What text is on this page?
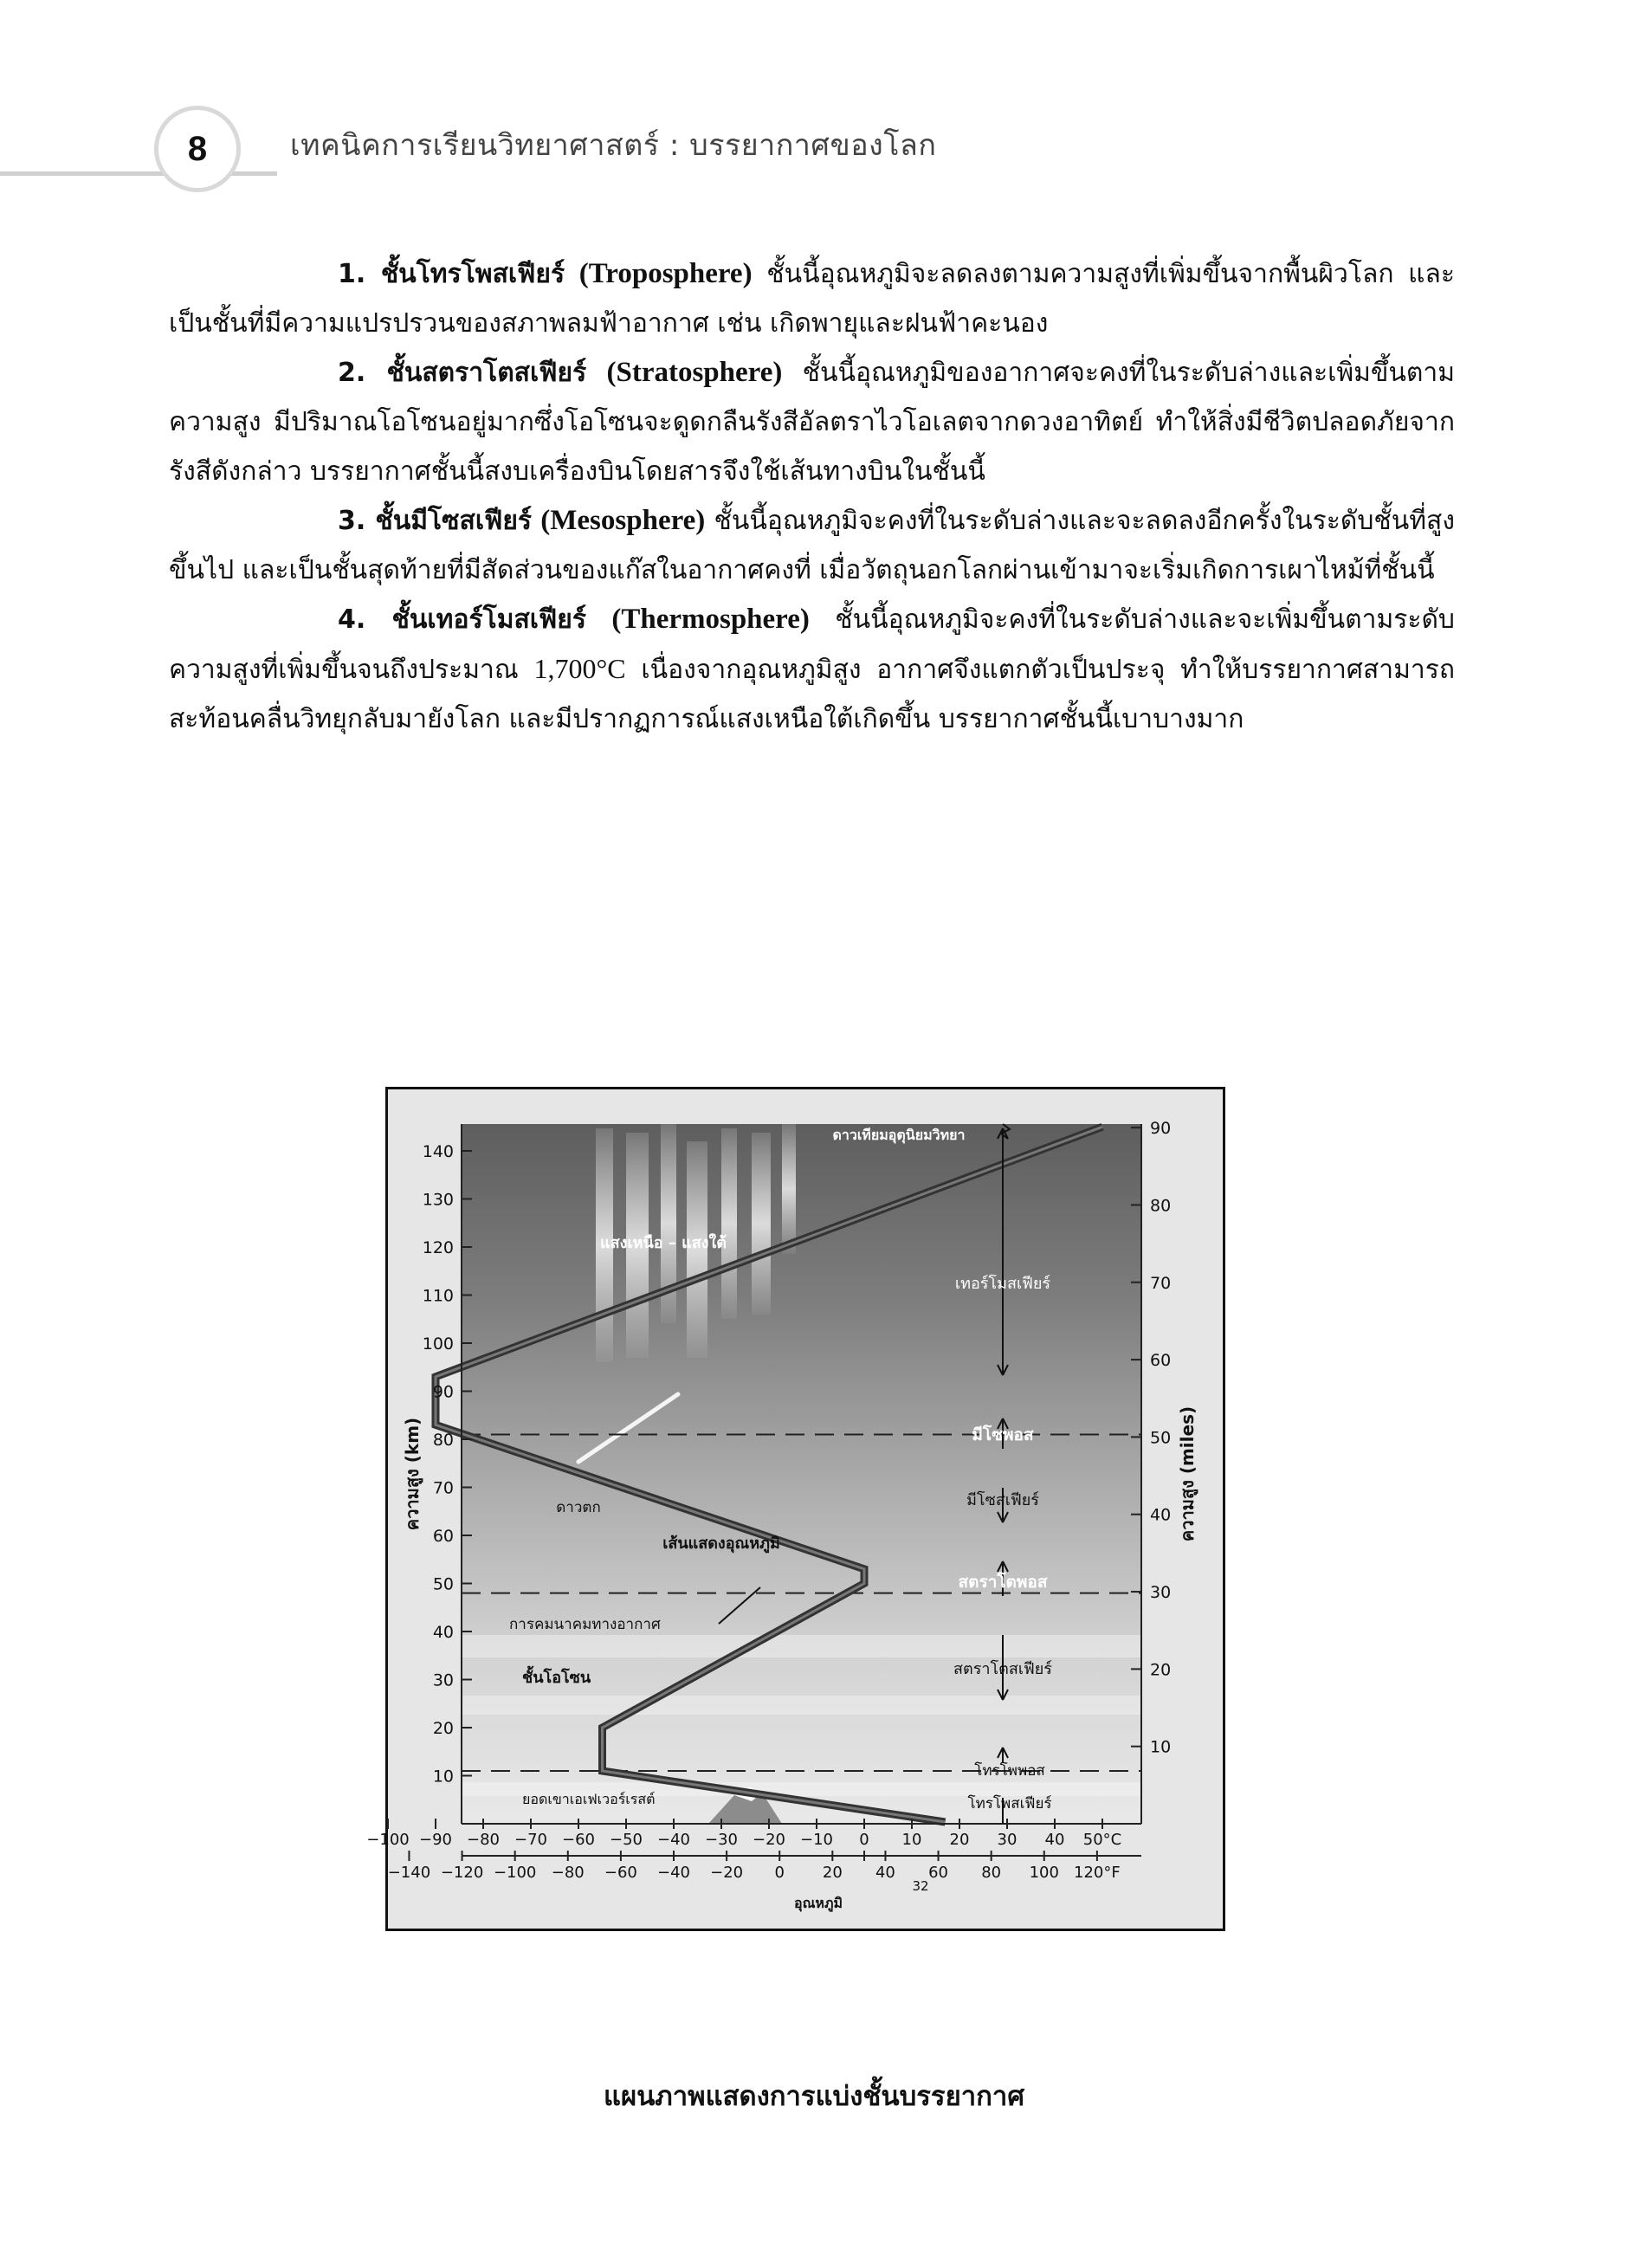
8	เทคนิคการเรียนวิทยาศาสตร์ : บรรยากาศของโลก

1. ชั้นโทรโพสเฟียร์ (Troposphere) ชั้นนี้อุณหภูมิจะลดลงตามความสูงที่เพิ่มขึ้นจากพื้นผิวโลก และเป็นชั้นที่มีความแปรปรวนของสภาพลมฟ้าอากาศ เช่น เกิดพายุและฝนฟ้าคะนอง

2. ชั้นสตราโตสเฟียร์ (Stratosphere) ชั้นนี้อุณหภูมิของอากาศจะคงที่ในระดับล่างและเพิ่มขึ้นตามความสูง มีปริมาณโอโซนอยู่มากซึ่งโอโซนจะดูดกลืนรังสีอัลตราไวโอเลตจากดวงอาทิตย์ ทำให้สิ่งมีชีวิตปลอดภัยจากรังสีดังกล่าว บรรยากาศชั้นนี้สงบเครื่องบินโดยสารจึงใช้เส้นทางบินในชั้นนี้

3. ชั้นมีโซสเฟียร์ (Mesosphere) ชั้นนี้อุณหภูมิจะคงที่ในระดับล่างและจะลดลงอีกครั้งในระดับชั้นที่สูงขึ้นไป และเป็นชั้นสุดท้ายที่มีสัดส่วนของแก๊สในอากาศคงที่ เมื่อวัตถุนอกโลกผ่านเข้ามาจะเริ่มเกิดการเผาไหม้ที่ชั้นนี้

4. ชั้นเทอร์โมสเฟียร์ (Thermosphere) ชั้นนี้อุณหภูมิจะคงที่ในระดับล่างและจะเพิ่มขึ้นตามระดับความสูงที่เพิ่มขึ้นจนถึงประมาณ 1,700°C เนื่องจากอุณหภูมิสูง อากาศจึงแตกตัวเป็นประจุ ทำให้บรรยากาศสามารถสะท้อนคลื่นวิทยุกลับมายังโลก และมีปรากฏการณ์แสงเหนือใต้เกิดขึ้น บรรยากาศชั้นนี้เบาบางมาก

10
20
30
40
50
60
70
80
90
100
110
120
130
140
10
20
30
40
50
60
70
80
90
−100 −90 −80 −70 −60 −50 −40 −30 −20 −10 0 10 20 30 40 50°C
−140 −120 −100 −80 −60 −40 −20 0 20 40 60 80 100 120°F
ดาวเทียมอุตุนิยมวิทยา
แสงเหนือ – แสงใต้
เทอร์โมสเฟียร์
มีโซพอส
มีโซสเฟียร์
สตราโตพอส
สตราโตสเฟียร์
โทรโพพอส
โทรโพสเฟียร์
ดาวตก
เส้นแสดงอุณหภูมิ
การคมนาคมทางอากาศ
ชั้นโอโซน
ยอดเขาเอเฟเวอร์เรสต์
ความสูง (km)	ความสูง (miles)
อุณหภูมิ
32
แผนภาพแสดงการแบ่งชั้นบรรยากาศ
